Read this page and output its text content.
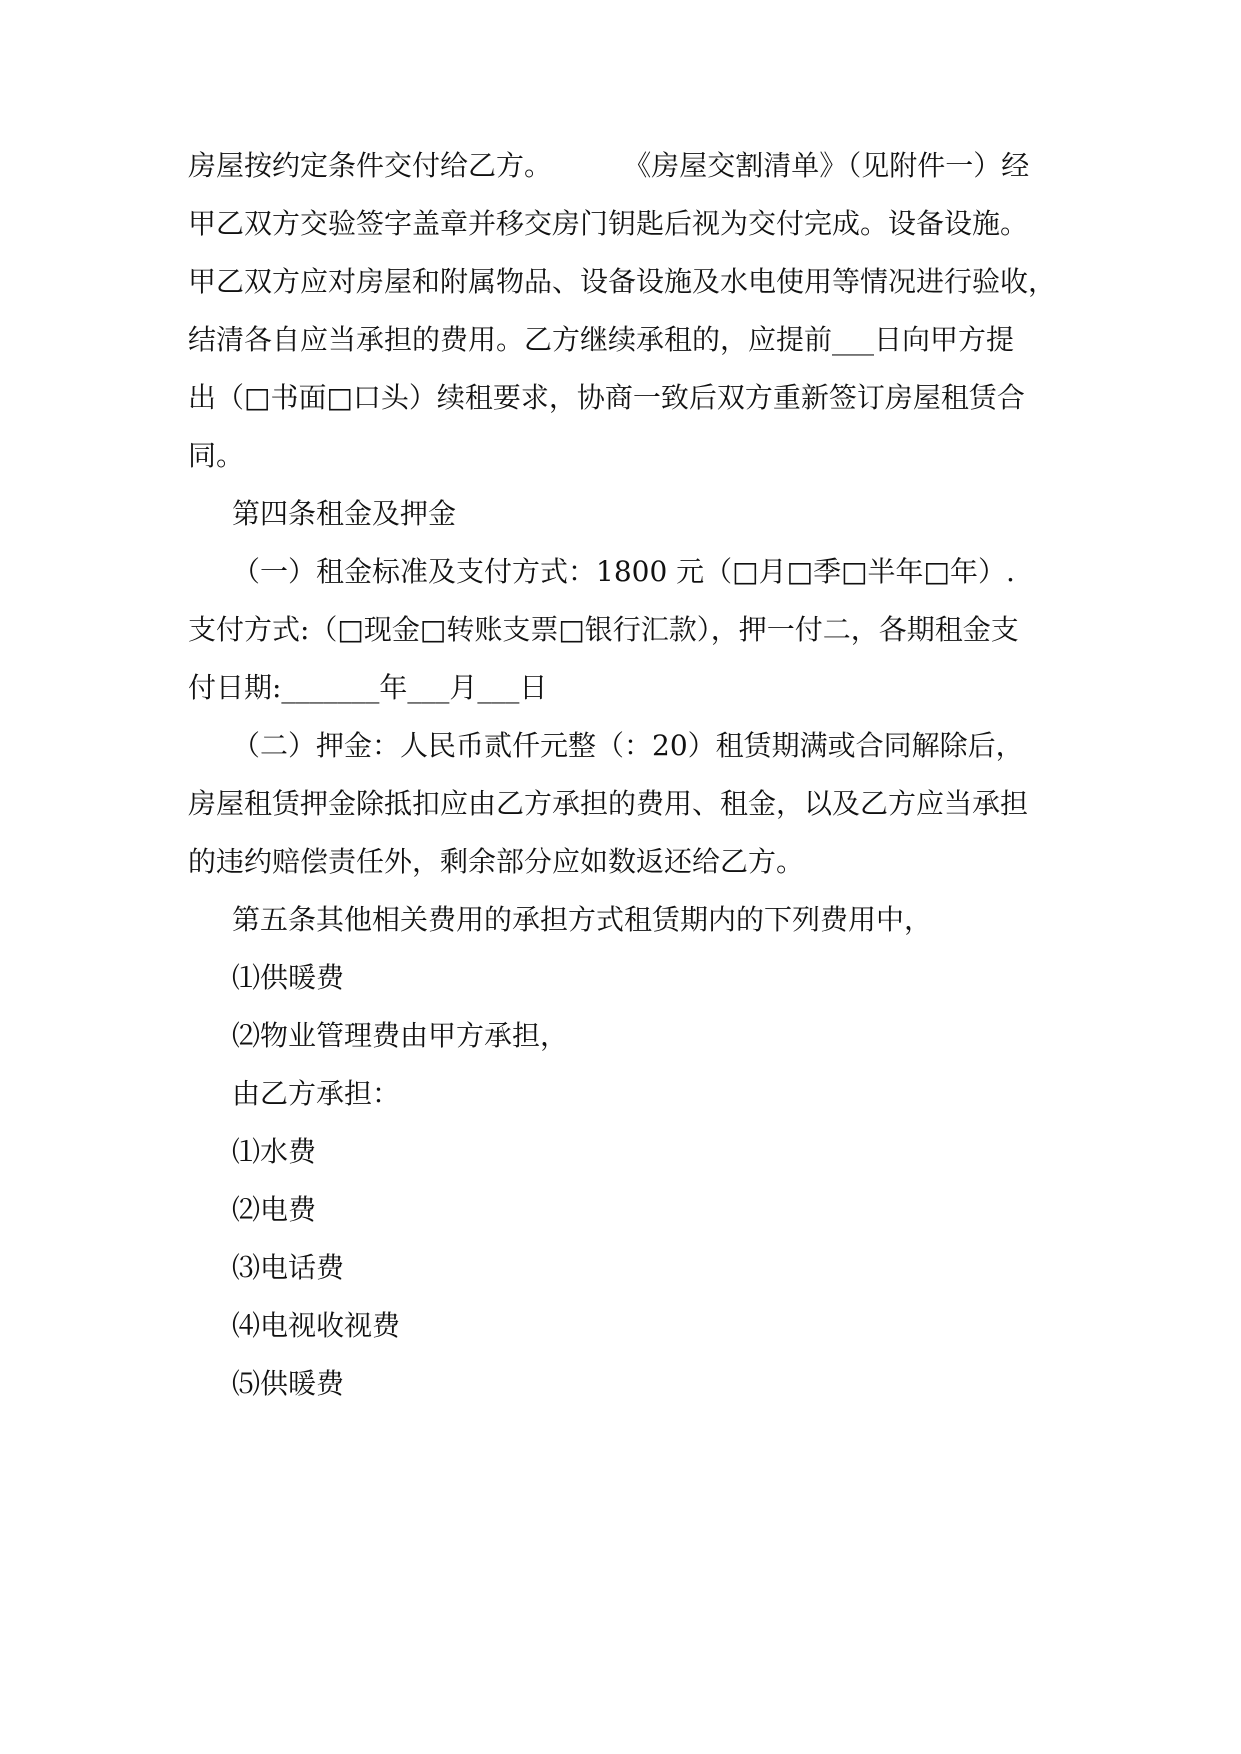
房屋按约定条件交付给乙方。        《房屋交割清单》（见附件一）经
甲乙双方交验签字盖章并移交房门钥匙后视为交付完成。设备设施。
甲乙双方应对房屋和附属物品、设备设施及水电使用等情况进行验收，
结清各自应当承担的费用。乙方继续承租的，应提前___日向甲方提
出（□书面□口头）续租要求，协商一致后双方重新签订房屋租赁合
同。
第四条租金及押金
（一）租金标准及支付方式：1800 元（□月□季□半年□年）.
支付方式:（□现金□转账支票□银行汇款），押一付二，各期租金支
付日期:_______年___月___日
（二）押金：人民币贰仟元整（：20）租赁期满或合同解除后，
房屋租赁押金除抵扣应由乙方承担的费用、租金，以及乙方应当承担
的违约赔偿责任外，剩余部分应如数返还给乙方。
第五条其他相关费用的承担方式租赁期内的下列费用中，
⑴供暖费
⑵物业管理费由甲方承担，
由乙方承担：
⑴水费
⑵电费
⑶电话费
⑷电视收视费
⑸供暖费
